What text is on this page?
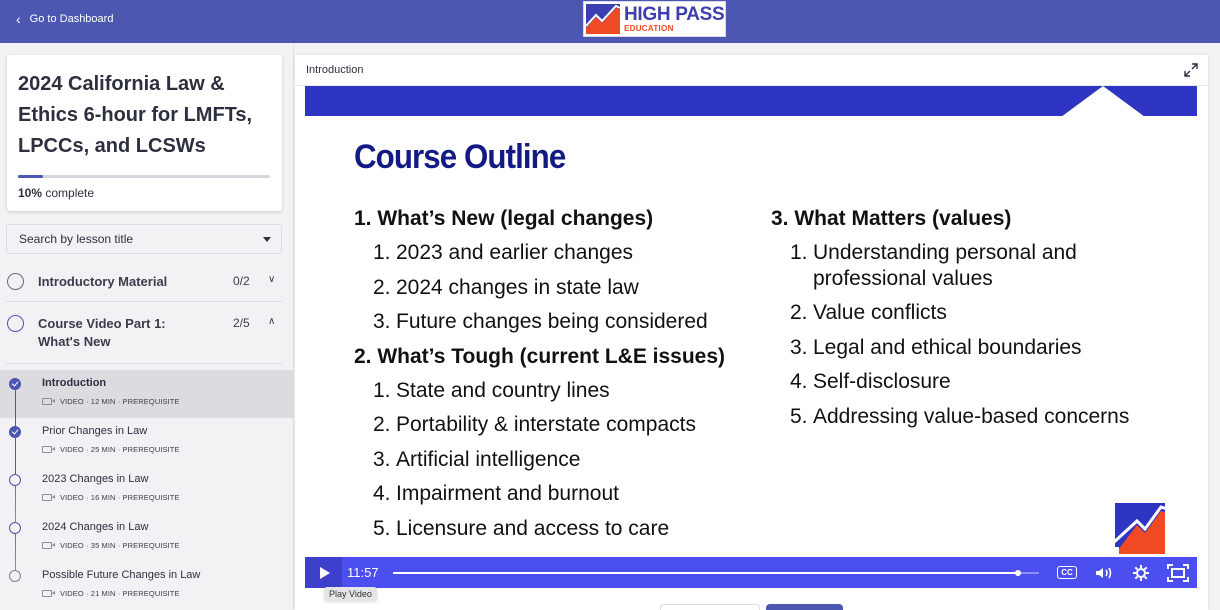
‹ Go to Dashboard	HIGH PASS
EDUCATION
2024 California Law & Ethics 6-hour for LMFTs, LPCCs, and LCSWs
10% complete
Search by lesson title
Introductory Material	0/2 ∨
Course Video Part 1: What's New
2/5 ∧
Introduction
VIDEO · 12 MIN · PREREQUISITE
Prior Changes in Law
VIDEO · 25 MIN · PREREQUISITE
2023 Changes in Law
VIDEO · 16 MIN · PREREQUISITE
2024 Changes in Law
VIDEO · 35 MIN · PREREQUISITE
Possible Future Changes in Law
VIDEO · 21 MIN · PREREQUISITE
Introduction
Course Outline
1. What’s New (legal changes)
1. 2023 and earlier changes
2. 2024 changes in state law
3. Future changes being considered
2. What’s Tough (current L&E issues)
1. State and country lines
2. Portability & interstate compacts
3. Artificial intelligence
4. Impairment and burnout
5. Licensure and access to care
3. What Matters (values)
1. Understanding personal and professional values
2. Value conflicts
3. Legal and ethical boundaries
4. Self-disclosure
5. Addressing value-based concerns
11:57	CC
Play Video
